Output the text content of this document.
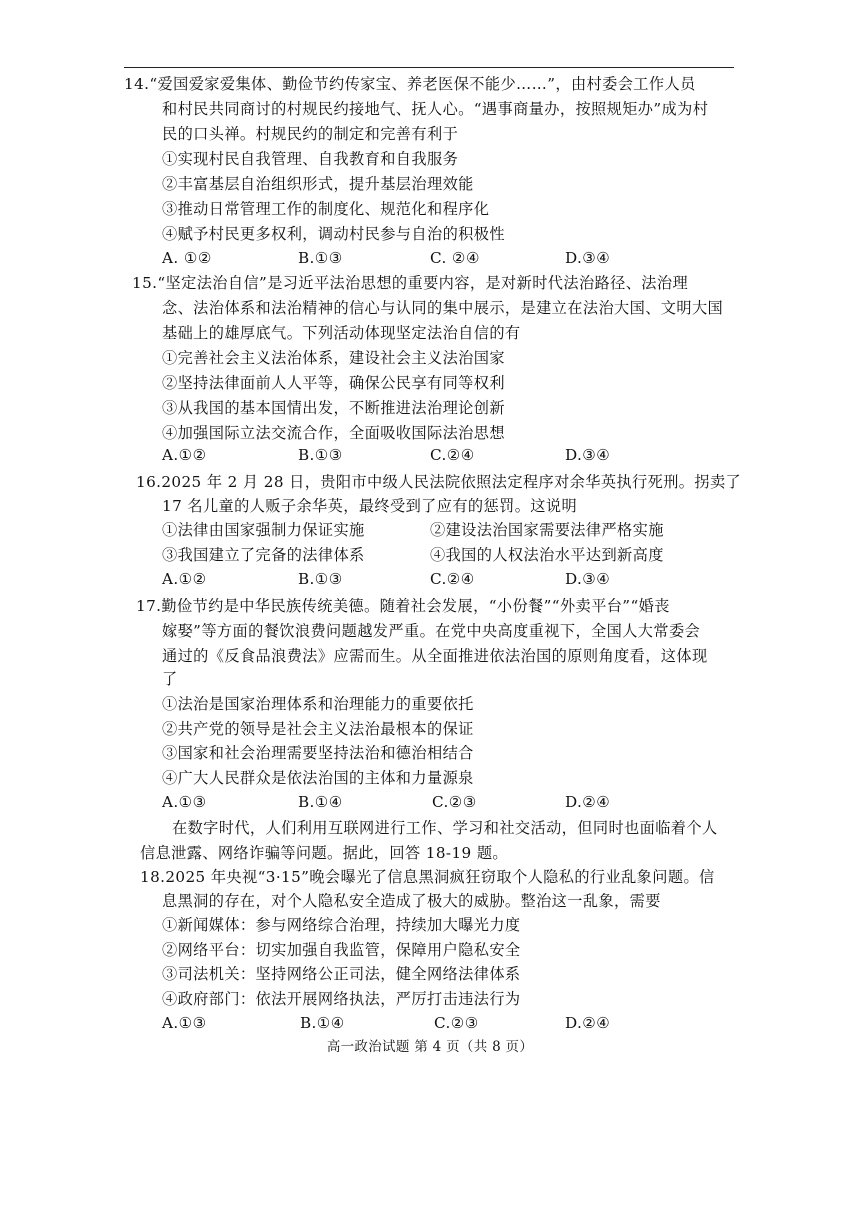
14.“爱国爱家爱集体、勤俭节约传家宝、养老医保不能少……”，由村委会工作人员
和村民共同商讨的村规民约接地气、抚人心。“遇事商量办，按照规矩办”成为村
民的口头禅。村规民约的制定和完善有利于
①实现村民自我管理、自我教育和自我服务
②丰富基层自治组织形式，提升基层治理效能
③推动日常管理工作的制度化、规范化和程序化
④赋予村民更多权利，调动村民参与自治的积极性
A. ①②	B.①③	C. ②④	D.③④
15.“坚定法治自信”是习近平法治思想的重要内容，是对新时代法治路径、法治理
念、法治体系和法治精神的信心与认同的集中展示，是建立在法治大国、文明大国
基础上的雄厚底气。下列活动体现坚定法治自信的有
①完善社会主义法治体系，建设社会主义法治国家
②坚持法律面前人人平等，确保公民享有同等权利
③从我国的基本国情出发，不断推进法治理论创新
④加强国际立法交流合作，全面吸收国际法治思想
A.①②	B.①③	C.②④	D.③④
16.2025 年 2 月 28 日，贵阳市中级人民法院依照法定程序对余华英执行死刑。拐卖了
17 名儿童的人贩子余华英，最终受到了应有的惩罚。这说明
①法律由国家强制力保证实施	②建设法治国家需要法律严格实施
③我国建立了完备的法律体系	④我国的人权法治水平达到新高度
A.①②	B.①③	C.②④	D.③④
17.勤俭节约是中华民族传统美德。随着社会发展，“小份餐”“外卖平台”“婚丧
嫁娶”等方面的餐饮浪费问题越发严重。在党中央高度重视下，全国人大常委会
通过的《反食品浪费法》应需而生。从全面推进依法治国的原则角度看，这体现
了
①法治是国家治理体系和治理能力的重要依托
②共产党的领导是社会主义法治最根本的保证
③国家和社会治理需要坚持法治和德治相结合
④广大人民群众是依法治国的主体和力量源泉
A.①③	B.①④	C.②③	D.②④
在数字时代，人们利用互联网进行工作、学习和社交活动，但同时也面临着个人
信息泄露、网络诈骗等问题。据此，回答 18-19 题。
18.2025 年央视“3·15”晚会曝光了信息黑洞疯狂窃取个人隐私的行业乱象问题。信
息黑洞的存在，对个人隐私安全造成了极大的威胁。整治这一乱象，需要
①新闻媒体：参与网络综合治理，持续加大曝光力度
②网络平台：切实加强自我监管，保障用户隐私安全
③司法机关：坚持网络公正司法，健全网络法律体系
④政府部门：依法开展网络执法，严厉打击违法行为
A.①③	B.①④	C.②③	D.②④
高一政治试题 第 4 页（共 8 页）
